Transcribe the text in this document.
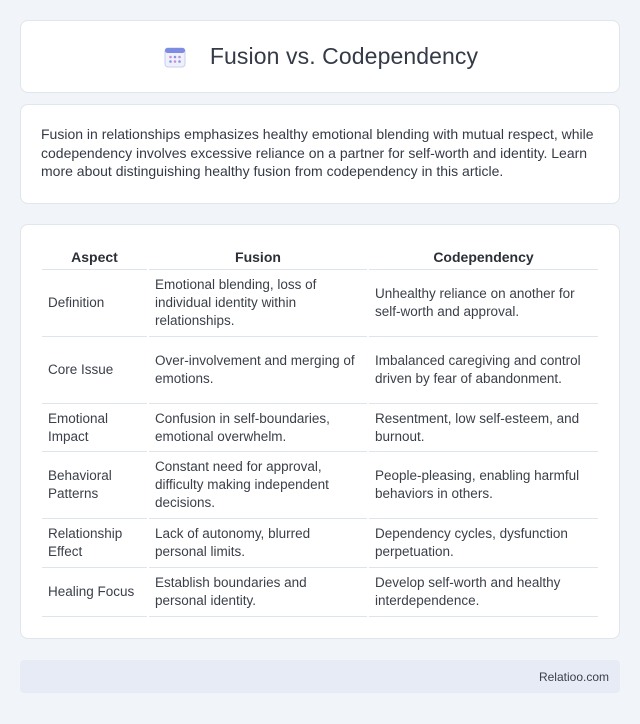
Fusion vs. Codependency

Fusion in relationships emphasizes healthy emotional blending with mutual respect, while codependency involves excessive reliance on a partner for self-worth and identity. Learn more about distinguishing healthy fusion from codependency in this article.

Aspect	Fusion	Codependency
Definition	Emotional blending, loss of individual identity within relationships.	Unhealthy reliance on another for self-worth and approval.
Core Issue	Over-involvement and merging of emotions.	Imbalanced caregiving and control driven by fear of abandonment.
Emotional Impact	Confusion in self-boundaries, emotional overwhelm.	Resentment, low self-esteem, and burnout.
Behavioral Patterns	Constant need for approval, difficulty making independent decisions.	People-pleasing, enabling harmful behaviors in others.
Relationship Effect	Lack of autonomy, blurred personal limits.	Dependency cycles, dysfunction perpetuation.
Healing Focus	Establish boundaries and personal identity.	Develop self-worth and healthy interdependence.
Relatioo.com
